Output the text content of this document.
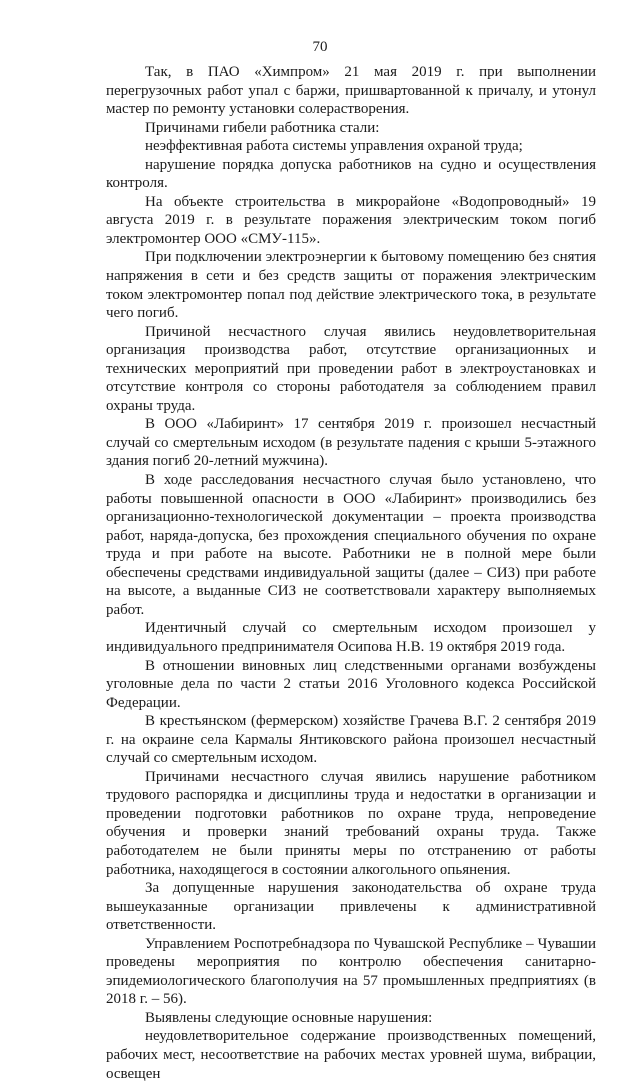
70

Так, в ПАО «Химпром» 21 мая 2019 г. при выполнении перегрузочных работ упал с баржи, пришвартованной к причалу, и утонул мастер по ремонту установки солерастворения.

Причинами гибели работника стали:

неэффективная работа системы управления охраной труда;

нарушение порядка допуска работников на судно и осуществления контроля.

На объекте строительства в микрорайоне «Водопроводный» 19 августа 2019 г. в результате поражения электрическим током погиб электромонтер ООО «СМУ-115».

При подключении электроэнергии к бытовому помещению без снятия напряжения в сети и без средств защиты от поражения электрическим током электромонтер попал под действие электрического тока, в результате чего погиб.

Причиной несчастного случая явились неудовлетворительная организация производства работ, отсутствие организационных и технических мероприятий при проведении работ в электроустановках и отсутствие контроля со стороны работодателя за соблюдением правил охраны труда.

В ООО «Лабиринт» 17 сентября 2019 г. произошел несчастный случай со смертельным исходом (в результате падения с крыши 5-этажного здания погиб 20-летний мужчина).

В ходе расследования несчастного случая было установлено, что работы повышенной опасности в ООО «Лабиринт» производились без организационно-технологической документации – проекта производства работ, наряда-допуска, без прохождения специального обучения по охране труда и при работе на высоте. Работники не в полной мере были обеспечены средствами индивидуальной защиты (далее – СИЗ) при работе на высоте, а выданные СИЗ не соответствовали характеру выполняемых работ.

Идентичный случай со смертельным исходом произошел у индивидуального предпринимателя Осипова Н.В. 19 октября 2019 года.

В отношении виновных лиц следственными органами возбуждены уголовные дела по части 2 статьи 2016 Уголовного кодекса Российской Федерации.

В крестьянском (фермерском) хозяйстве Грачева В.Г. 2 сентября 2019 г. на окраине села Кармалы Янтиковского района произошел несчастный случай со смертельным исходом.

Причинами несчастного случая явились нарушение работником трудового распорядка и дисциплины труда и недостатки в организации и проведении подготовки работников по охране труда, непроведение обучения и проверки знаний требований охраны труда. Также работодателем не были приняты меры по отстранению от работы работника, находящегося в состоянии алкогольного опьянения.

За допущенные нарушения законодательства об охране труда вышеуказанные организации привлечены к административной ответственности.

Управлением Роспотребнадзора по Чувашской Республике – Чувашии проведены мероприятия по контролю обеспечения санитарно-эпидемиологического благополучия на 57 промышленных предприятиях (в 2018 г. – 56).

Выявлены следующие основные нарушения:

неудовлетворительное содержание производственных помещений, рабочих мест, несоответствие на рабочих местах уровней шума, вибрации, освещен
